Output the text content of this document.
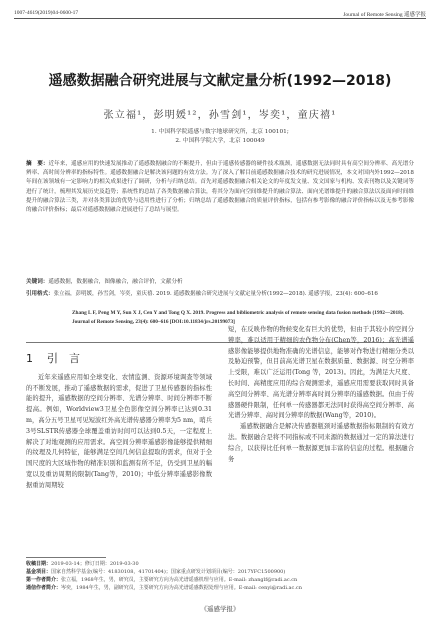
1007-4619(2019)04-0600-17	Journal of Remote Sensing 遥感学报
遥感数据融合研究进展与文献定量分析(1992—2018)
张立福¹，彭明媛¹²，孙雪剑¹，岑奕¹，童庆禧¹
1. 中国科学院遥感与数字地球研究所，北京 100101;
2. 中国科学院大学，北京 100049
摘　要：近年来，遥感应用的快速发展推动了遥感数据融合的不断提升，但由于遥感传感器的硬件技术瓶颈，遥感数据无法同时具有高空间分辨率、高光谱分辨率、高时间分辨率的指标特性。遥感数据融合是解决该问题的有效方法。为了深入了解目前遥感数据融合技术的研究进展情况，本文对国内外1992—2018年间在该领域有一定影响力的相关成果进行了调研，分析与归纳总结。首先对遥感数据融合相关论文的年度发文量、发文国家与机构、发表刊物以及关键词等进行了统计，梳理其发展历史及趋势；系统性的总结了各类数据融合算法，将其分为面向空间维提升的融合算法、面向光谱维提升的融合算法以及面向时间维提升的融合算法三类，并对各类算法的优势与适用性进行了分析；归纳总结了遥感数据融合的质量评价指标，包括有参考影像的融合评价指标以及无参考影像的融合评价指标；最后对遥感数据融合进展进行了总结与展望。
关键词：遥感数据，数据融合，图像融合，融合评价，文献分析
引用格式：张立福，彭明媛，孙雪剑，岑奕，童庆禧. 2019. 遥感数据融合研究进展与文献定量分析(1992—2018). 遥感学报，23(4): 600–616
Zhang L F, Peng M Y, Sun X J, Cen Y and Tong Q X. 2019. Progress and bibliometric analysis of remote sensing data fusion methods (1992—2018). Journal of Remote Sensing, 23(4): 600–616 [DOI:10.11834/jrs.20199073]
1 引　言

近年来遥感应用如全球变化、农情监测、资源环境调查等领域的不断发展，推动了遥感数据的需求，促进了卫星传感器的指标性能的提升，遥感数据的空间分辨率、光谱分辨率、时间分辨率不断提高。例如，Worldview3卫星全色影像空间分辨率已达到0.31 m，高分五号卫星可见短波红外高光谱传感器分辨率为5 nm，哨兵3号SLSTR传感器全球覆盖重访时间可以达到0.5天，一定程度上解决了对地观测的应用需求。高空间分辨率遥感影像能够提供精细的纹理及几何特征，能够满足空间几何信息提取的需求，但对于全国尺度的大区域作物的精准识别和监测有所不足，仍受到卫星的幅宽以及重访周期的限制(Tang等，2010)；中低分辨率遥感影像数据重访周期较

短，在反映作物的物候变化有巨大的优势，但由于其较小的空间分辨率，难以适用于精细的农作物分布(Chen等，2016)；高光谱遥感影像能够提供地物准确的光谱信息，能够对作物进行精细分类以及胁迫预警，但目前高光谱卫星在数据质量、数据源、时空分辨率上受限，难以广泛运用(Tong 等，2013)。因此，为满足大尺度、长时间、高精度应用的综合观测需求，遥感应用需要获取同时具备高空间分辨率、高光谱分辨率高时间分辨率的遥感数据。但由于传感器硬件限制，任何单一传感器都无法同时获得高空间分辨率、高光谱分辨率、高时间分辨率的数据(Wang等，2010)。

遥感数据融合是解决传感器瓶颈对遥感数据指标限制的有效方法。数据融合是将不同指标或不同来源的数据通过一定的算法进行综合，以获得比任何单一数据源更加丰富的信息的过程。根据融合务

收稿日期：2019-03-14；修订日期：2019-03-30
基金项目：国家自然科学基金(编号：41830108，41701404)；国家重点研发计划项目(编号：2017YFC1500900)
第一作者简介：张立福，1968年生，男，研究员，主要研究方向为高光谱遥感机理与应用。E-mail: zhanglf@radi.ac.cn
通信作者简介：岑奕，1984年生，男，副研究员，主要研究方向为高光谱遥感数据处理与应用。E-mail: cenyi@radi.ac.cn
《遥感学报》
